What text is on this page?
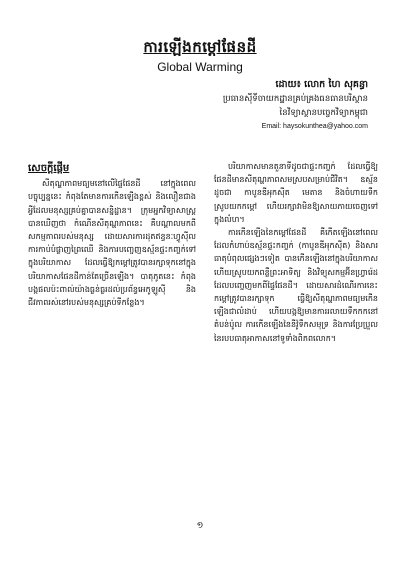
ការឡើងកម្តៅផែនដី
Global Warming
ដោយ៖ លោក ហៃ សុគន្ធា
ប្រធានស៊ីទីចាយកដ្ឋានគ្រប់គ្រងធនធានបរិស្ថាន
នៃវិទ្យាស្ថានបច្ចេកវិទ្យាកម្ពុជា
Email: haysokunthea@yahoo.com
សេចក្តីផ្តើម

សីតុណ្ហភាពមធ្យមនៅលើផ្ទៃផែនដី នៅក្នុងពេលបច្ចុប្បន្ននេះ កំពុងតែមានការកើនឡើងខ្ពស់ និងលឿនជាងអ្វីដែលមនុស្សគ្រប់គ្នាបានសន្និដ្ឋាន។ ក្រុមអ្នកវិទ្យាសាស្ត្របានឃើញថា កំណើនសីតុណ្ហភាពនេះ គឺបណ្តាលមកពីសកម្មភាពរបស់មនុស្ស ដោយសារការដុតឥន្ធនៈហ្វូស៊ីល ការកាប់បំផ្លាញព្រៃឈើ និងការបញ្ចេញឧស្ម័នផ្ទះកញ្ចក់ទៅក្នុងបរិយាកាស ដែលធ្វើឱ្យកម្តៅត្រូវបានរក្សាទុកនៅក្នុងបរិយាកាសផែនដីកាន់តែច្រើនឡើង។ បាតុភូតនេះ កំពុងបង្កផលប៉ះពាល់យ៉ាងធ្ងន់ធ្ងរដល់ប្រព័ន្ធអេកូឡូស៊ី និងជីវភាពរស់នៅរបស់មនុស្សគ្រប់ទីកន្លែង។

បរិយាកាសមានតួនាទីដូចជាផ្ទះកញ្ចក់ ដែលធ្វើឱ្យផែនដីមានសីតុណ្ហភាពសមស្របសម្រាប់ជីវិត។ ឧស្ម័នដូចជា កាបូនឌីអុកស៊ីត មេតាន និងចំហាយទឹក ស្រូបយកកម្តៅ ហើយរក្សាវាមិនឱ្យសាយភាយចេញទៅក្នុងលំហ។

ការកើនឡើងនៃកម្តៅផែនដី គឺកើតឡើងនៅពេលដែលកំហាប់ឧស្ម័នផ្ទះកញ្ចក់ (កាបូនឌីអុកស៊ីត) និងសារធាតុបំពុលផ្សេងៗទៀត បានកើនឡើងនៅក្នុងបរិយាកាស ហើយស្រូបយកពន្លឺព្រះអាទិត្យ និងវិទ្យុសកម្មអ៊ីនហ្វ្រារ៉េដ ដែលបញ្ចេញមកពីផ្ទៃផែនដី។ ដោយសារដំណើរការនេះ កម្តៅត្រូវបានរក្សាទុក ធ្វើឱ្យសីតុណ្ហភាពមធ្យមកើនឡើងជាលំដាប់ ហើយបង្កឱ្យមានការរលាយទឹកកកនៅតំបន់ប៉ូល ការកើនឡើងនៃនីវ៉ូទឹកសមុទ្រ និងការប្រែប្រួលនៃរបបធាតុអាកាសនៅទូទាំងពិភពលោក។

១
